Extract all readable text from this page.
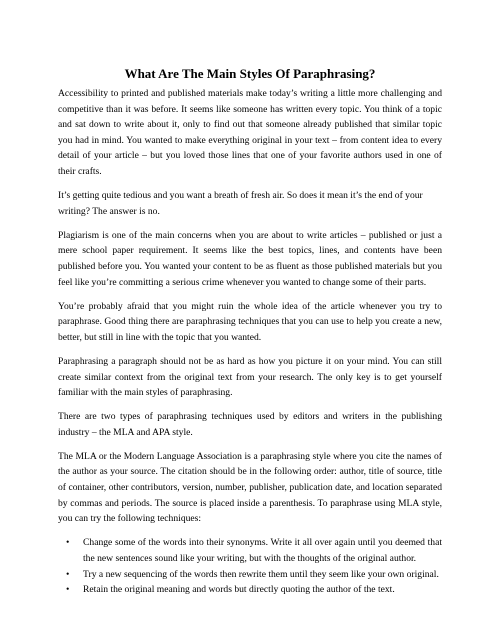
What Are The Main Styles Of Paraphrasing?

Accessibility to printed and published materials make today’s writing a little more challenging and competitive than it was before. It seems like someone has written every topic. You think of a topic and sat down to write about it, only to find out that someone already published that similar topic you had in mind. You wanted to make everything original in your text – from content idea to every detail of your article – but you loved those lines that one of your favorite authors used in one of their crafts.

It’s getting quite tedious and you want a breath of fresh air. So does it mean it’s the end of your writing? The answer is no.

Plagiarism is one of the main concerns when you are about to write articles – published or just a mere school paper requirement. It seems like the best topics, lines, and contents have been published before you. You wanted your content to be as fluent as those published materials but you feel like you’re committing a serious crime whenever you wanted to change some of their parts.

You’re probably afraid that you might ruin the whole idea of the article whenever you try to paraphrase. Good thing there are paraphrasing techniques that you can use to help you create a new, better, but still in line with the topic that you wanted.

Paraphrasing a paragraph should not be as hard as how you picture it on your mind. You can still create similar context from the original text from your research. The only key is to get yourself familiar with the main styles of paraphrasing.

There are two types of paraphrasing techniques used by editors and writers in the publishing industry – the MLA and APA style.

The MLA or the Modern Language Association is a paraphrasing style where you cite the names of the author as your source. The citation should be in the following order: author, title of source, title of container, other contributors, version, number, publisher, publication date, and location separated by commas and periods. The source is placed inside a parenthesis. To paraphrase using MLA style, you can try the following techniques:

• Change some of the words into their synonyms. Write it all over again until you deemed that the new sentences sound like your writing, but with the thoughts of the original author.
• Try a new sequencing of the words then rewrite them until they seem like your own original.
• Retain the original meaning and words but directly quoting the author of the text.
